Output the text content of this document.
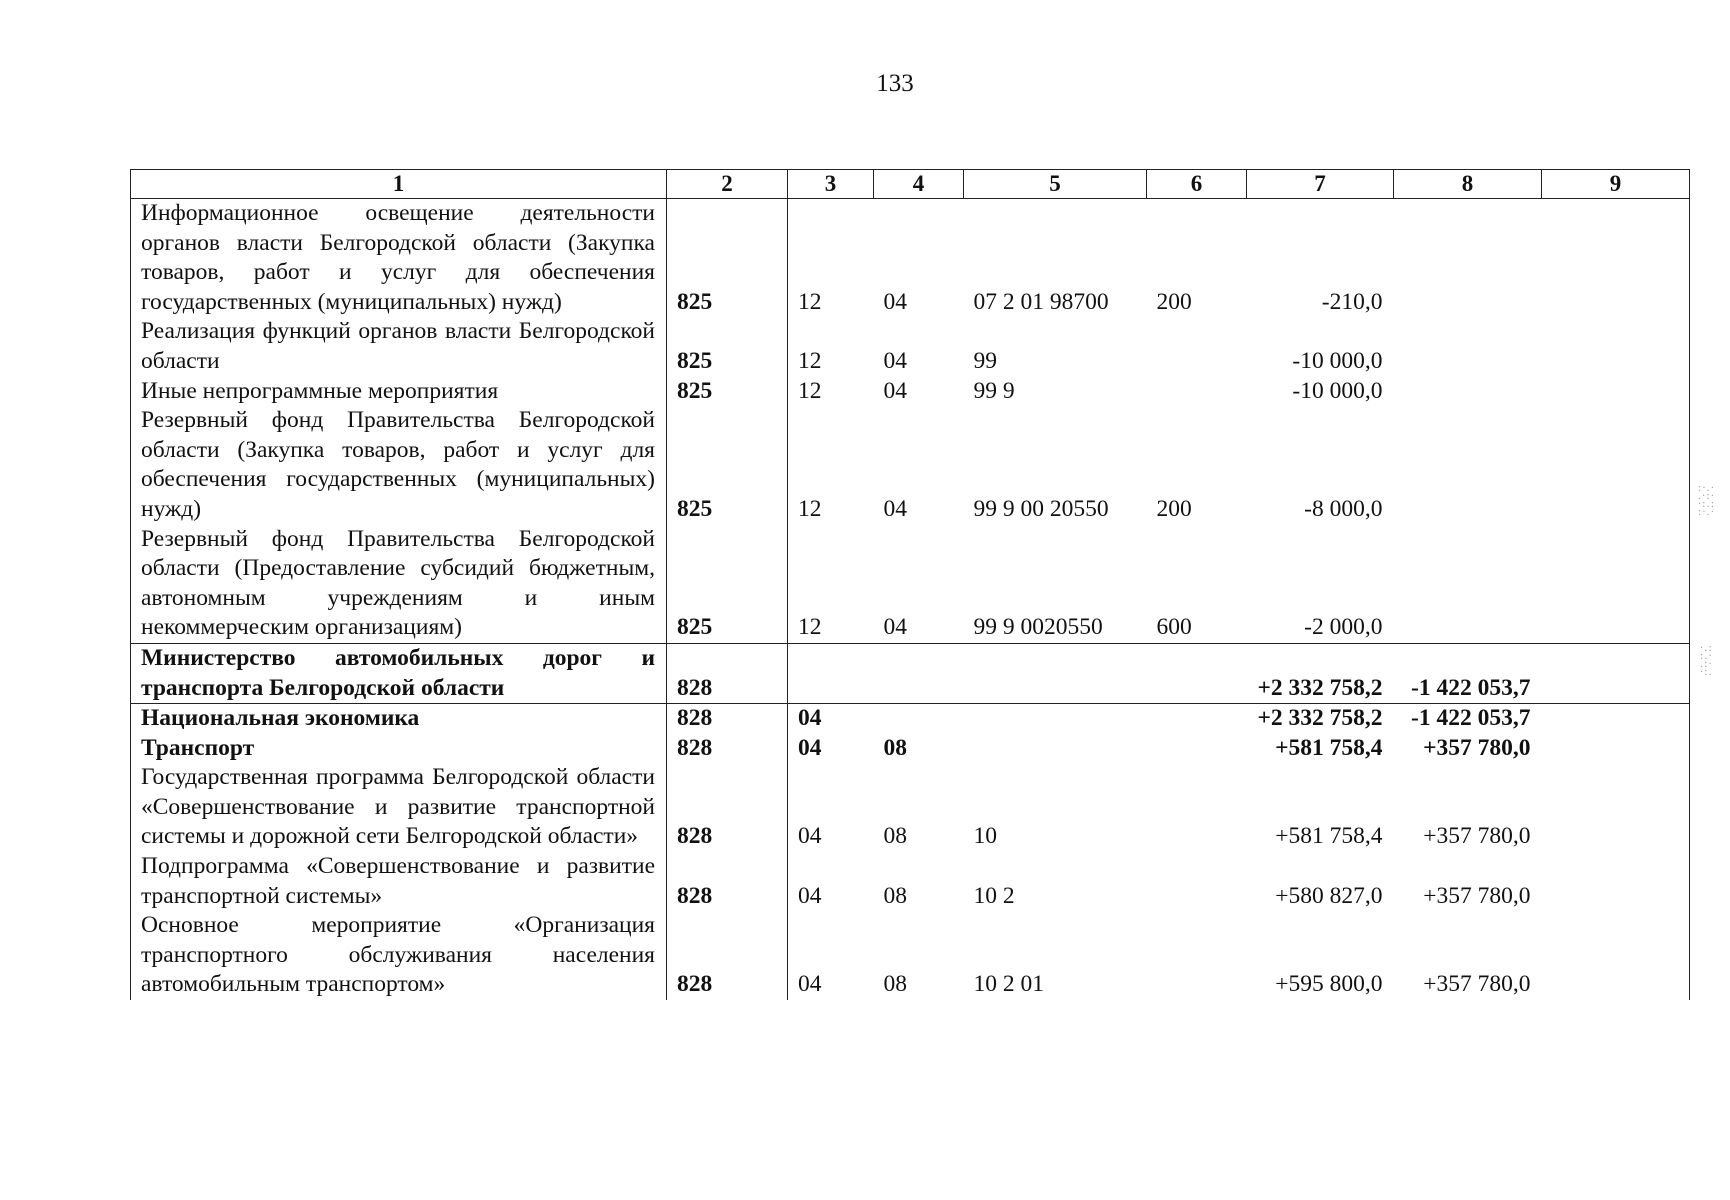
133
1	2	3	4	5	6	7	8	9
Информационное освещение деятельности органов власти Белгородской области (Закупка товаров, работ и услуг для обеспечения государственных (муниципальных) нужд)	825	12	04	07 2 01 98700	200	-210,0		
Реализация функций органов власти Белгородской области	825	12	04	99		-10 000,0		
Иные непрограммные мероприятия	825	12	04	99 9		-10 000,0		
Резервный фонд Правительства Белгородской области (Закупка товаров, работ и услуг для обеспечения государственных (муниципальных) нужд)	825	12	04	99 9 00 20550	200	-8 000,0		
Резервный фонд Правительства Белгородской области (Предоставление субсидий бюджетным, автономным учреждениям и иным некоммерческим организациям)	825	12	04	99 9 0020550	600	-2 000,0		
Министерство автомобильных дорог и транспорта Белгородской области	828					+2 332 758,2	-1 422 053,7	
Национальная экономика	828	04				+2 332 758,2	-1 422 053,7	
Транспорт	828	04	08			+581 758,4	+357 780,0	
Государственная программа Белгородской области «Совершенствование и развитие транспортной системы и дорожной сети Белгородской области»	828	04	08	10		+581 758,4	+357 780,0	
Подпрограмма «Совершенствование и развитие транспортной системы»	828	04	08	10 2		+580 827,0	+357 780,0	
Основное мероприятие «Организация транспортного обслуживания населения автомобильным транспортом»	828	04	08	10 2 01		+595 800,0	+357 780,0	
:·.·
.·:·
·:.:
:·.·
·.:
:.·
.:·
·:.
